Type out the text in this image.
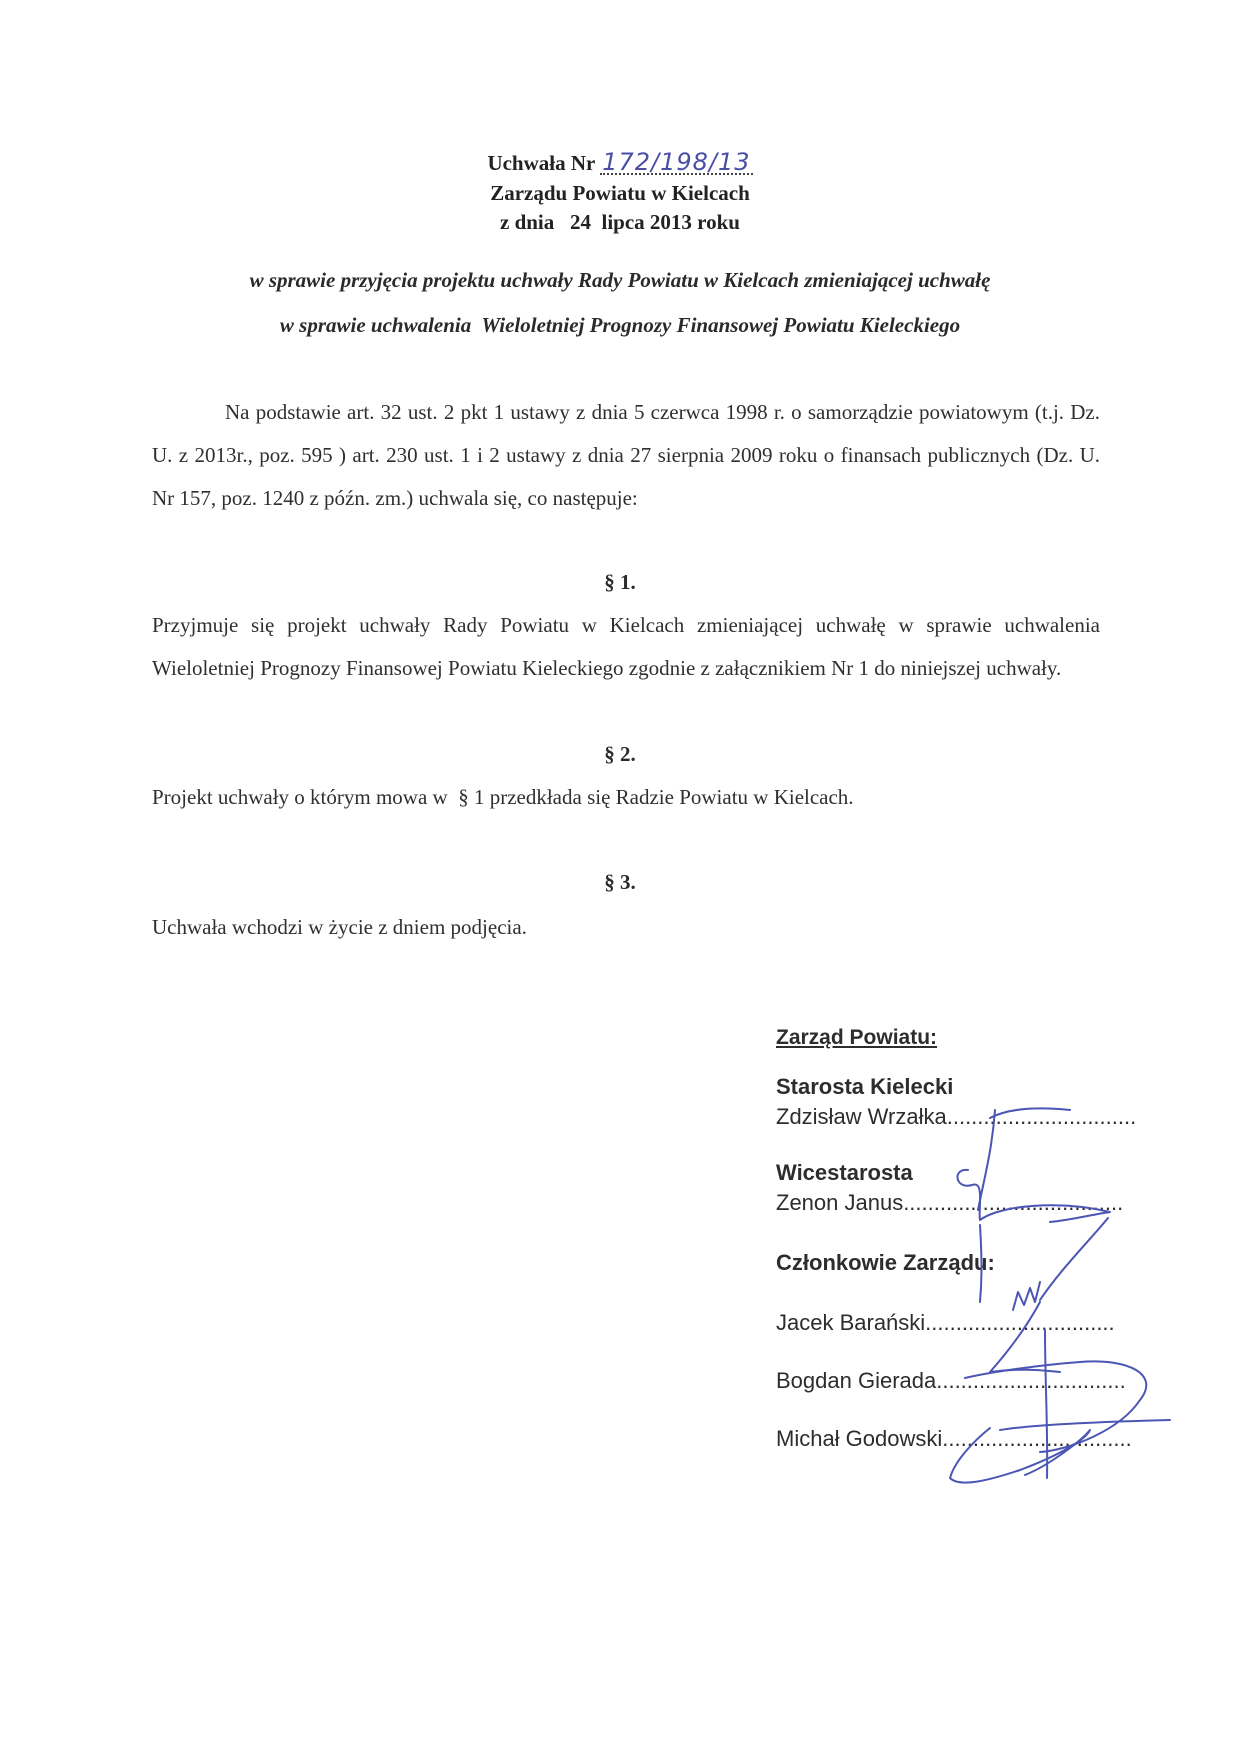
Uchwała Nr 172/198/13
Zarządu Powiatu w Kielcach
z dnia   24  lipca 2013 roku
w sprawie przyjęcia projektu uchwały Rady Powiatu w Kielcach zmieniającej uchwałę
w sprawie uchwalenia  Wieloletniej Prognozy Finansowej Powiatu Kieleckiego
Na podstawie art. 32 ust. 2 pkt 1 ustawy z dnia 5 czerwca 1998 r. o samorządzie powiatowym (t.j. Dz. U. z 2013r., poz. 595 ) art. 230 ust. 1 i 2 ustawy z dnia 27 sierpnia 2009 roku o finansach publicznych (Dz. U. Nr 157, poz. 1240 z późn. zm.) uchwala się, co następuje:
§ 1.
Przyjmuje się projekt uchwały Rady Powiatu w Kielcach zmieniającej uchwałę w sprawie uchwalenia Wieloletniej Prognozy Finansowej Powiatu Kieleckiego zgodnie z załącznikiem Nr 1 do niniejszej uchwały.
§ 2.
Projekt uchwały o którym mowa w  § 1 przedkłada się Radzie Powiatu w Kielcach.
§ 3.
Uchwała wchodzi w życie z dniem podjęcia.
Zarząd Powiatu:
Starosta Kielecki
Zdzisław Wrzałka...............................
Wicestarosta
Zenon Janus....................................
Członkowie Zarządu:
Jacek Barański...............................
Bogdan Gierada...............................
Michał Godowski...............................
